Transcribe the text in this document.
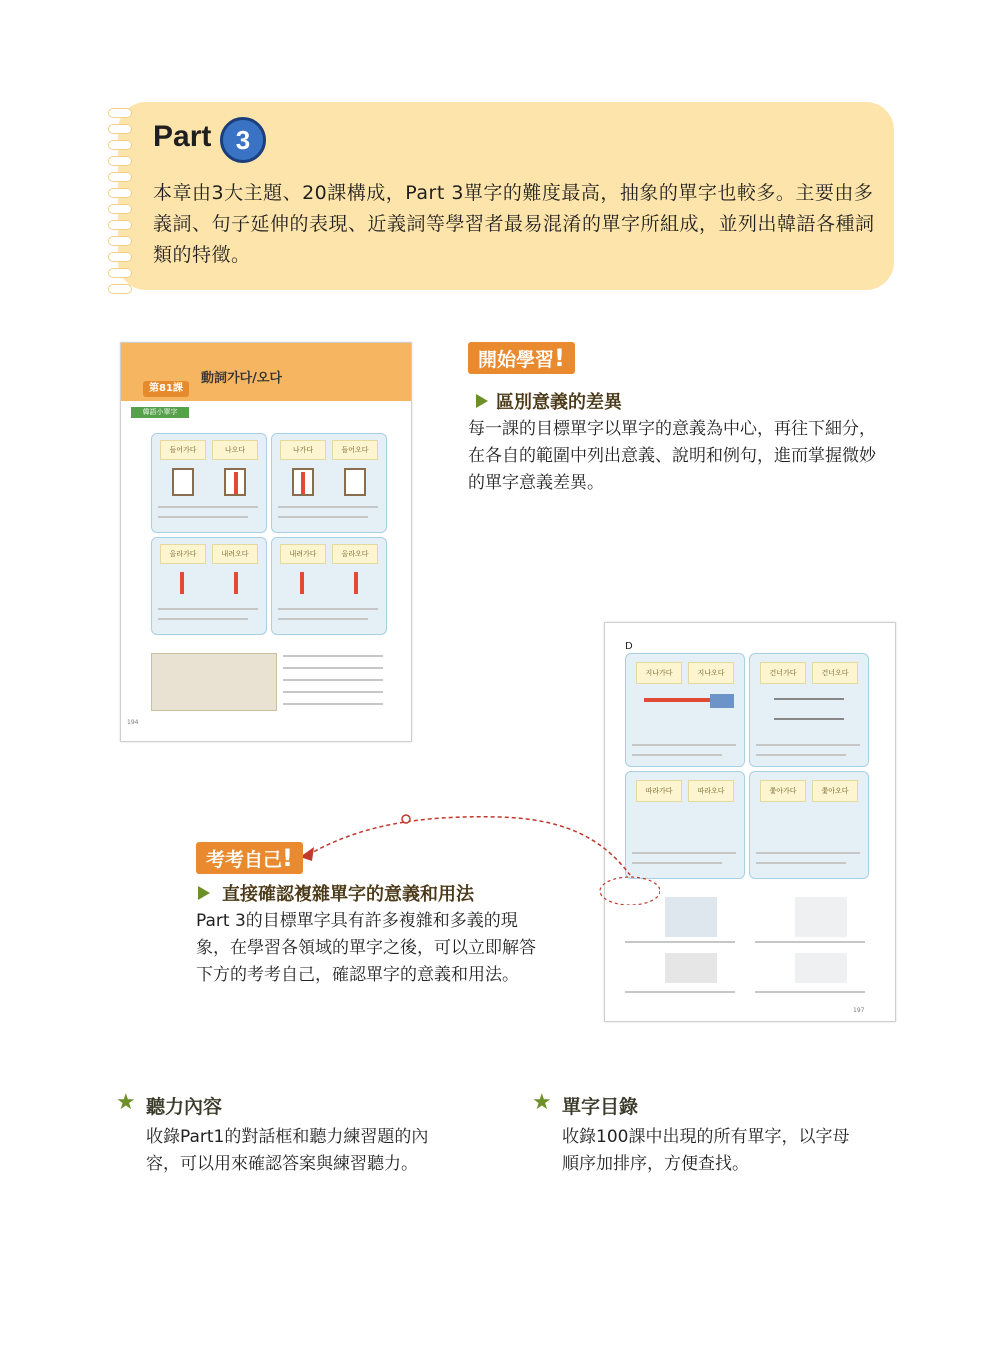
Part 3
本章由3大主題、20課構成，Part 3單字的難度最高，抽象的單字也較多。主要由多義詞、句子延伸的表現、近義詞等學習者最易混淆的單字所組成，並列出韓語各種詞類的特徵。
第81課
動詞가다/오다
韓語小單字
들어가다	나오다	나가다	들어오다
올라가다	내려오다	내려가다	올라오다
194
開始學習!
區別意義的差異
每一課的目標單字以單字的意義為中心，再往下細分，在各自的範圍中列出意義、說明和例句，進而掌握微妙的單字意義差異。
D
지나가다	지나오다	건너가다	건너오다
따라가다	따라오다	쫓아가다	쫓아오다
197
考考自己!
直接確認複雜單字的意義和用法
Part 3的目標單字具有許多複雜和多義的現象，在學習各領域的單字之後，可以立即解答下方的考考自己，確認單字的意義和用法。
★ 聽力內容
收錄Part1的對話框和聽力練習題的內容，可以用來確認答案與練習聽力。
★ 單字目錄
收錄100課中出現的所有單字，以字母順序加排序，方便查找。
